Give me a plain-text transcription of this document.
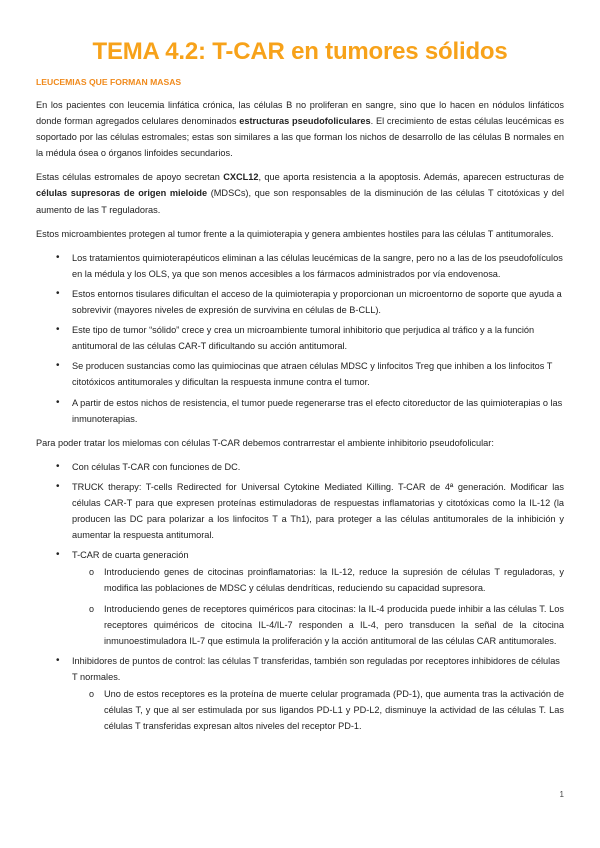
TEMA 4.2: T-CAR en tumores sólidos
LEUCEMIAS QUE FORMAN MASAS

En los pacientes con leucemia linfática crónica, las células B no proliferan en sangre, sino que lo hacen en nódulos linfáticos donde forman agregados celulares denominados estructuras pseudofoliculares. El crecimiento de estas células leucémicas es soportado por las células estromales; estas son similares a las que forman los nichos de desarrollo de las células B normales en la médula ósea o órganos linfoides secundarios.

Estas células estromales de apoyo secretan CXCL12, que aporta resistencia a la apoptosis. Además, aparecen estructuras de células supresoras de origen mieloide (MDSCs), que son responsables de la disminución de las células T citotóxicas y del aumento de las T reguladoras.

Estos microambientes protegen al tumor frente a la quimioterapia y genera ambientes hostiles para las células T antitumorales.

• Los tratamientos quimioterapéuticos eliminan a las células leucémicas de la sangre, pero no a las de los pseudofolículos en la médula y los OLS, ya que son menos accesibles a los fármacos administrados por vía endovenosa.
• Estos entornos tisulares dificultan el acceso de la quimioterapia y proporcionan un microentorno de soporte que ayuda a sobrevivir (mayores niveles de expresión de survivina en células de B-CLL).
• Este tipo de tumor “sólido” crece y crea un microambiente tumoral inhibitorio que perjudica al tráfico y a la función antitumoral de las células CAR-T dificultando su acción antitumoral.
• Se producen sustancias como las quimiocinas que atraen células MDSC y linfocitos Treg que inhiben a los linfocitos T citotóxicos antitumorales y dificultan la respuesta inmune contra el tumor.
• A partir de estos nichos de resistencia, el tumor puede regenerarse tras el efecto citoreductor de las quimioterapias o las inmunoterapias.

Para poder tratar los mielomas con células T-CAR debemos contrarrestar el ambiente inhibitorio pseudofolicular:

• Con células T-CAR con funciones de DC.
• TRUCK therapy: T-cells Redirected for Universal Cytokine Mediated Killing. T-CAR de 4ª generación. Modificar las células CAR-T para que expresen proteínas estimuladoras de respuestas inflamatorias y citotóxicas como la IL-12 (la producen las DC para polarizar a los linfocitos T a Th1), para proteger a las células antitumorales de la inhibición y aumentar la respuesta antitumoral.
• T-CAR de cuarta generación
o Introduciendo genes de citocinas proinflamatorias: la IL-12, reduce la supresión de células T reguladoras, y modifica las poblaciones de MDSC y células dendríticas, reduciendo su capacidad supresora.
o Introduciendo genes de receptores quiméricos para citocinas: la IL-4 producida puede inhibir a las células T. Los receptores quiméricos de citocina IL-4/IL-7 responden a IL-4, pero transducen la señal de la citocina inmunoestimuladora IL-7 que estimula la proliferación y la acción antitumoral de las células CAR antitumorales.
• Inhibidores de puntos de control: las células T transferidas, también son reguladas por receptores inhibidores de células T normales.
o Uno de estos receptores es la proteína de muerte celular programada (PD-1), que aumenta tras la activación de células T, y que al ser estimulada por sus ligandos PD-L1 y PD-L2, disminuye la actividad de las células T. Las células T transferidas expresan altos niveles del receptor PD-1.
1
